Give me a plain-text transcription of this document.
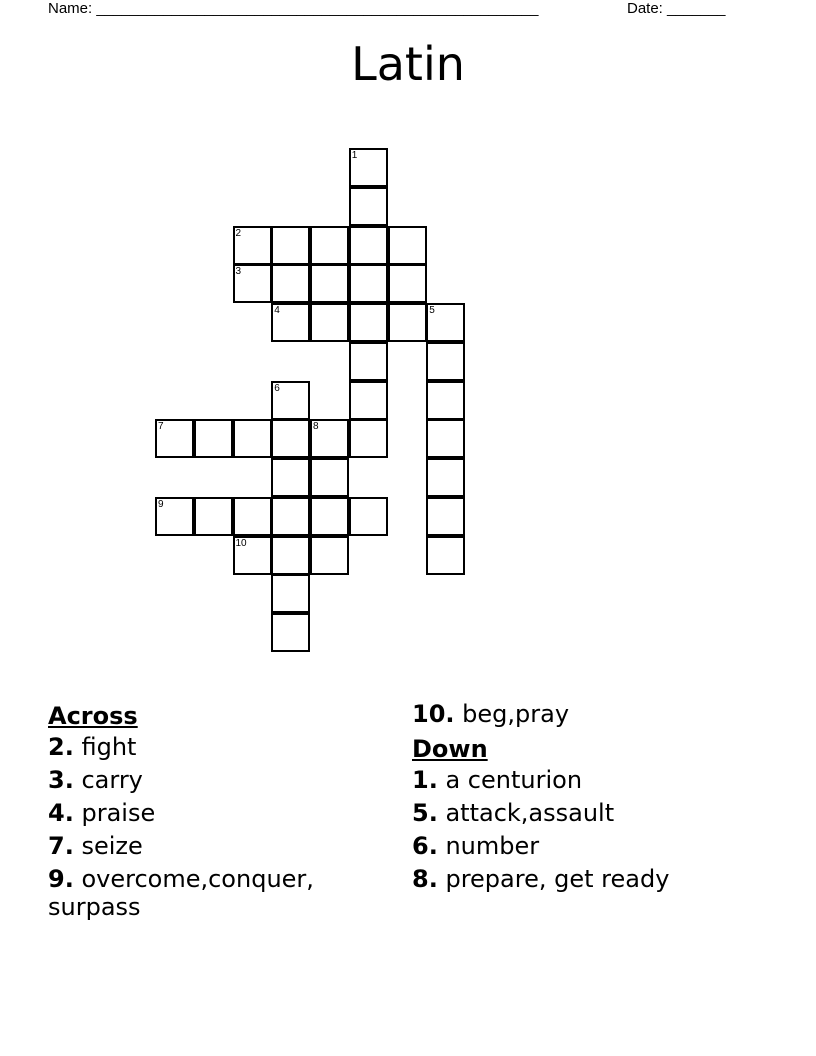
Name: _____________________________________________________	Date: _______
Latin
1
2
3
4	5
6
7	8
9
10
Across
2. fight
3. carry
4. praise
7. seize
9. overcome,conquer, surpass
10. beg,pray
Down
1. a centurion
5. attack,assault
6. number
8. prepare, get ready
